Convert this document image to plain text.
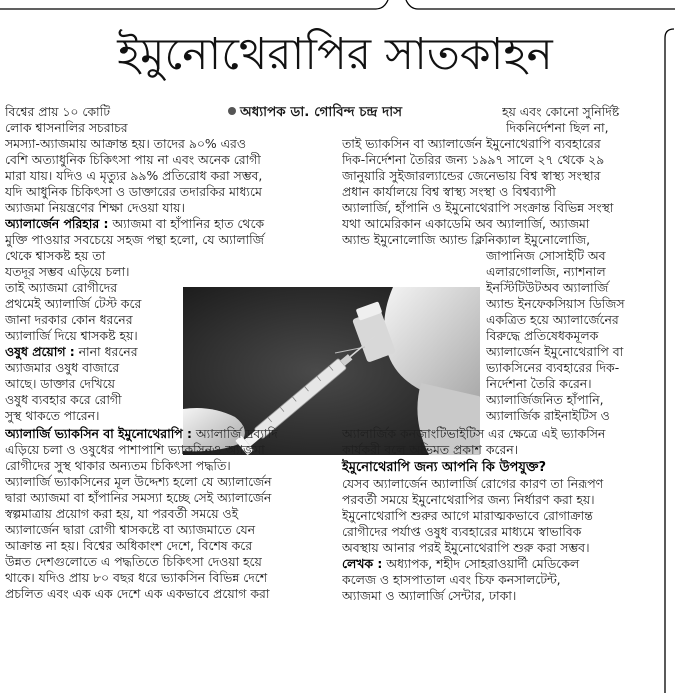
ইমুনোথেরাপির সাতকাহন
অধ্যাপক ডা. গোবিন্দ চন্দ্র দাস
বিশ্বের প্রায় ১০ কোটি
লোক শ্বাসনালির সচরাচর
সমস্যা-অ্যাজমায় আক্রান্ত হয়। তাদের ৯০% এরও
বেশি অত্যাধুনিক চিকিৎসা পায় না এবং অনেক রোগী
মারা যায়। যদিও এ মৃত্যুর ৯৯% প্রতিরোধ করা সম্ভব,
যদি আধুনিক চিকিৎসা ও ডাক্তারের তদারকির মাধ্যমে
অ্যাজমা নিয়ন্ত্রণের শিক্ষা দেওয়া যায়।
অ্যালার্জেন পরিহার : অ্যাজমা বা হাঁপানির হাত থেকে
মুক্তি পাওয়ার সবচেয়ে সহজ পন্থা হলো, যে অ্যালার্জি
থেকে শ্বাসকষ্ট হয় তা
যতদূর সম্ভব এড়িয়ে চলা।
তাই অ্যাজমা রোগীদের
প্রথমেই অ্যালার্জি টেস্ট করে
জানা দরকার কোন ধরনের
অ্যালার্জি দিয়ে শ্বাসকষ্ট হয়।
ওষুধ প্রয়োগ : নানা ধরনের
অ্যাজমার ওষুধ বাজারে
আছে। ডাক্তার দেখিয়ে
ওষুধ ব্যবহার করে রোগী
সুস্থ থাকতে পারেন।
অ্যালার্জি ভ্যাকসিন বা ইমুনোথেরাপি : অ্যালার্জি দ্রব্যাদি
এড়িয়ে চলা ও ওষুধের পাশাপাশি ভ্যাকসিনও অ্যাজমা
রোগীদের সুস্থ থাকার অন্যতম চিকিৎসা পদ্ধতি।
অ্যালার্জি ভ্যাকসিনের মূল উদ্দেশ্য হলো যে অ্যালার্জেন
দ্বারা অ্যাজমা বা হাঁপানির সমস্যা হচ্ছে সেই অ্যালার্জেন
স্বল্পমাত্রায় প্রয়োগ করা হয়, যা পরবর্তী সময়ে ওই
অ্যালার্জেন দ্বারা রোগী শ্বাসকষ্টে বা অ্যাজমাতে যেন
আক্রান্ত না হয়। বিশ্বের অধিকাংশ দেশে, বিশেষ করে
উন্নত দেশগুলোতে এ পদ্ধতিতে চিকিৎসা দেওয়া হয়ে
থাকে। যদিও প্রায় ৮০ বছর ধরে ভ্যাকসিন বিভিন্ন দেশে
প্রচলিত এবং এক এক দেশে এক একভাবে প্রয়োগ করা
হয় এবং কোনো সুনির্দিষ্ট
দিকনির্দেশনা ছিল না,
তাই ভ্যাকসিন বা অ্যালার্জেন ইমুনোথেরাপি ব্যবহারের
দিক-নির্দেশনা তৈরির জন্য ১৯৯৭ সালে ২৭ থেকে ২৯
জানুয়ারি সুইজারল্যান্ডের জেনেভায় বিশ্ব স্বাস্থ্য সংস্থার
প্রধান কার্যালয়ে বিশ্ব স্বাস্থ্য সংস্থা ও বিশ্বব্যাপী
অ্যালার্জি, হাঁপানি ও ইমুনোথেরাপি সংক্রান্ত বিভিন্ন সংস্থা
যথা আমেরিকান একাডেমি অব অ্যালার্জি, অ্যাজমা
অ্যান্ড ইমুনোলোজি অ্যান্ড ক্লিনিক্যাল ইমুনোলোজি,
জাপানিজ সোসাইটি অব
এলারগোলজি, ন্যাশনাল
ইনস্টিটিউটঅব অ্যালার্জি
অ্যান্ড ইনফেকসিয়াস ডিজিস
একত্রিত হয়ে অ্যালার্জেনের
বিরুদ্ধে প্রতিষেধকমূলক
অ্যালার্জেন ইমুনোথেরাপি বা
ভ্যাকসিনের ব্যবহারের দিক-
নির্দেশনা তৈরি করেন।
অ্যালার্জিজনিত হাঁপানি,
অ্যালার্জিক রাইনাইটিস ও
অ্যালার্জিক কনজাংটিভাইটিস এর ক্ষেত্রে এই ভ্যাকসিন
কার্যকরী বলে অভিমত প্রকাশ করেন।
ইমুনোথেরাপি জন্য আপনি কি উপযুক্ত?
যেসব অ্যালার্জেন অ্যালার্জি রোগের কারণ তা নিরূপণ
পরবর্তী সময়ে ইমুনোথেরাপির জন্য নির্ধারণ করা হয়।
ইমুনোথেরাপি শুরুর আগে মারাত্মকভাবে রোগাক্রান্ত
রোগীদের পর্যাপ্ত ওষুধ ব্যবহারের মাধ্যমে স্বাভাবিক
অবস্থায় আনার পরই ইমুনোথেরাপি শুরু করা সম্ভব।
লেখক : অধ্যাপক, শহীদ সোহরাওয়ার্দী মেডিকেল
কলেজ ও হাসপাতাল এবং চিফ কনসালটেন্ট,
অ্যাজমা ও অ্যালার্জি সেন্টার, ঢাকা।
